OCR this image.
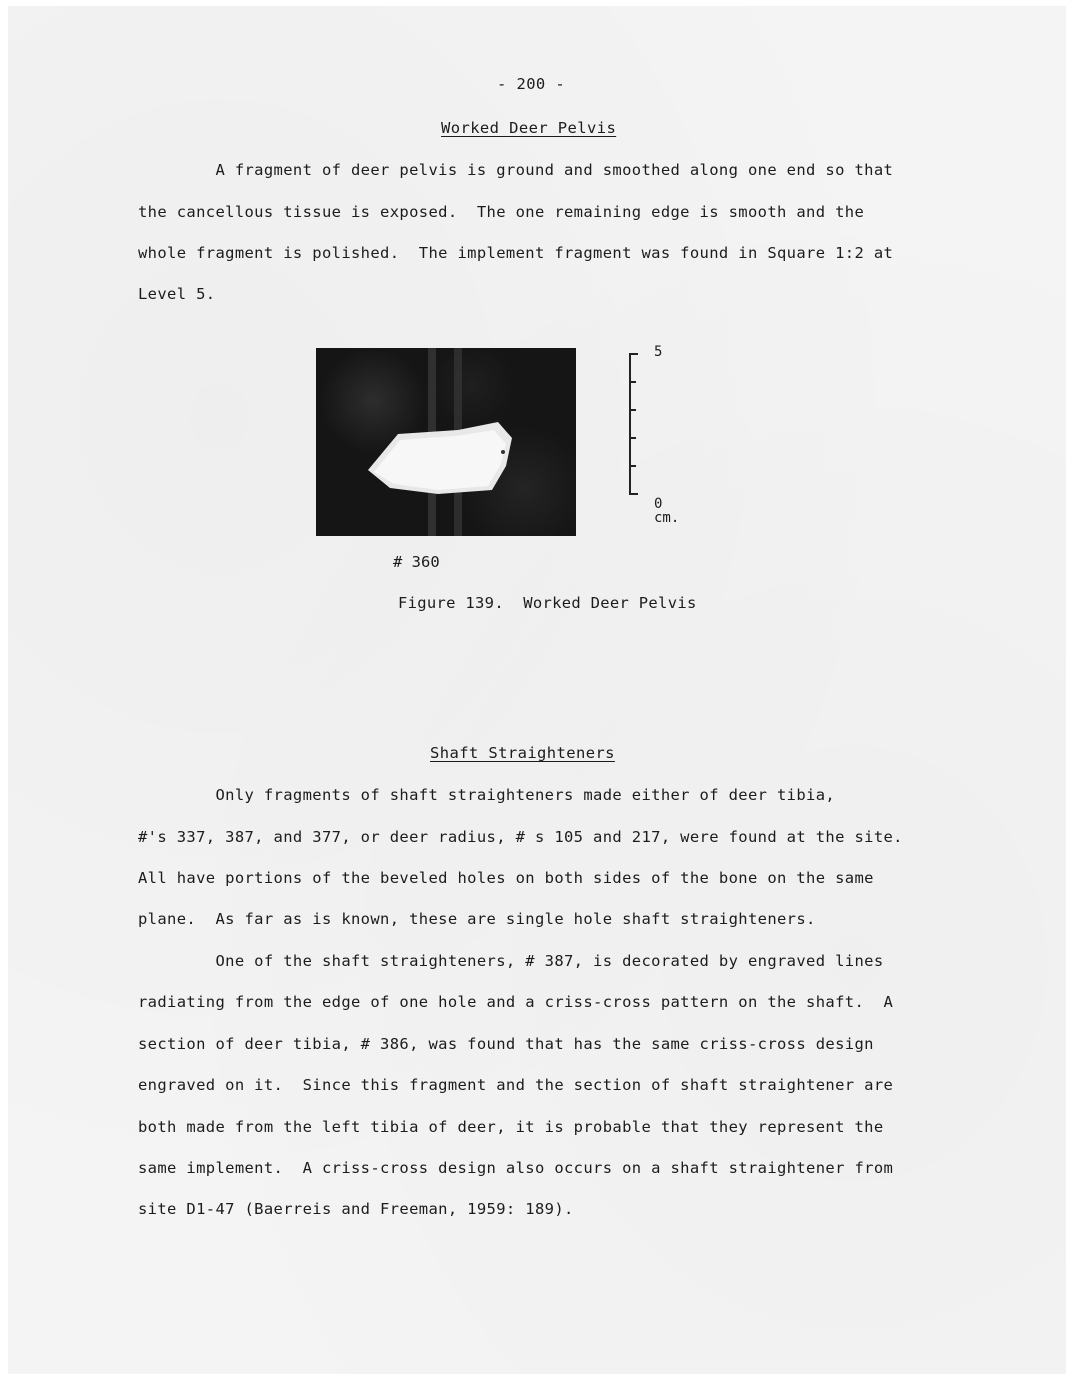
- 200 -
Worked Deer Pelvis
A fragment of deer pelvis is ground and smoothed along one end so that
the cancellous tissue is exposed.  The one remaining edge is smooth and the
whole fragment is polished.  The implement fragment was found in Square 1:2 at
Level 5.
5
0
cm.
# 360
Figure 139.  Worked Deer Pelvis
Shaft Straighteners
Only fragments of shaft straighteners made either of deer tibia,
#'s 337, 387, and 377, or deer radius, # s 105 and 217, were found at the site.
All have portions of the beveled holes on both sides of the bone on the same
plane.  As far as is known, these are single hole shaft straighteners.
One of the shaft straighteners, # 387, is decorated by engraved lines
radiating from the edge of one hole and a criss-cross pattern on the shaft.  A
section of deer tibia, # 386, was found that has the same criss-cross design
engraved on it.  Since this fragment and the section of shaft straightener are
both made from the left tibia of deer, it is probable that they represent the
same implement.  A criss-cross design also occurs on a shaft straightener from
site D1-47 (Baerreis and Freeman, 1959: 189).
